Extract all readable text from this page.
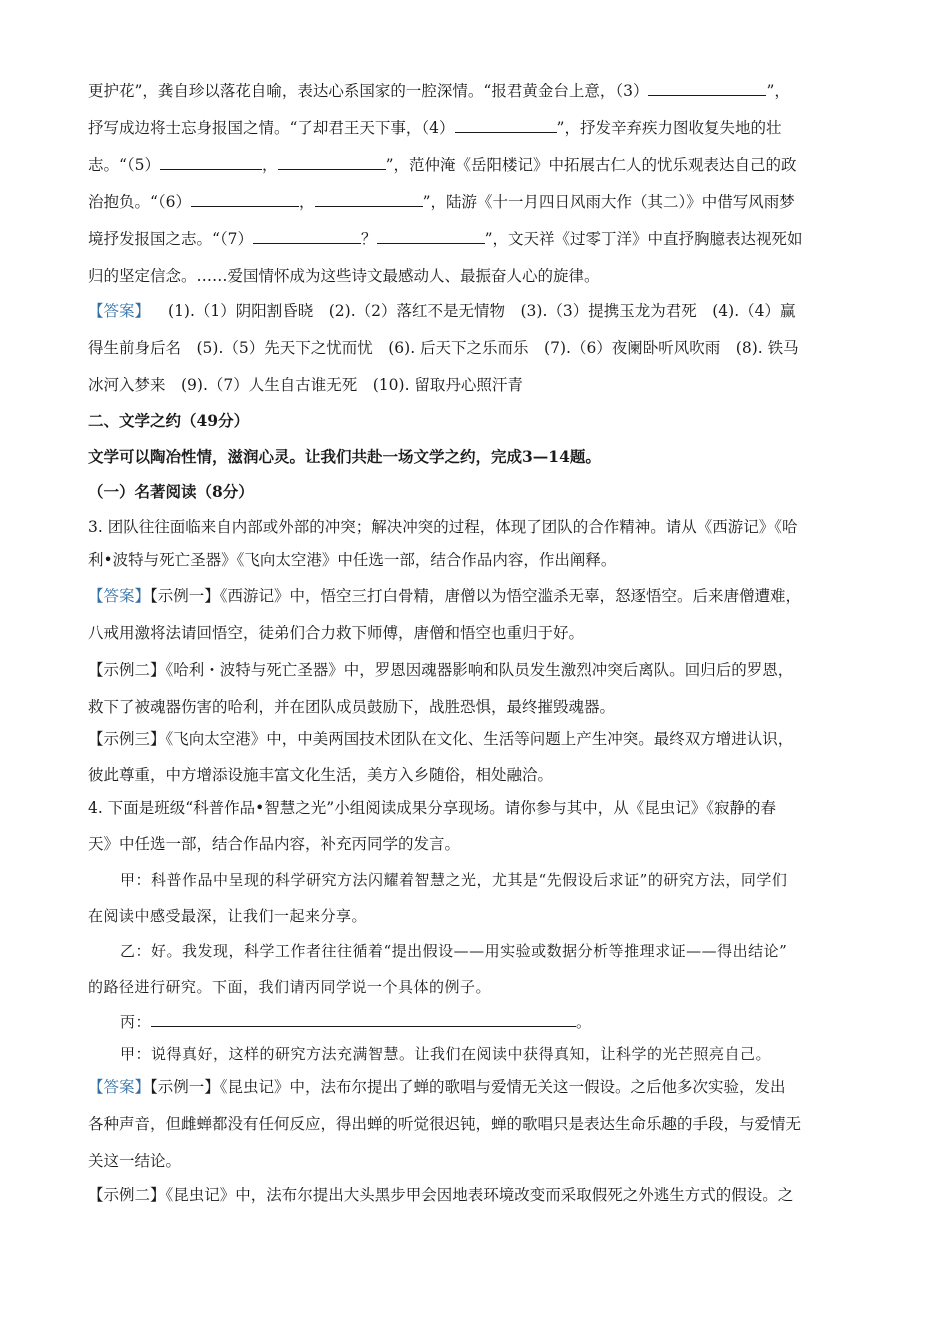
更护花”，龚自珍以落花自喻，表达心系国家的一腔深情。“报君黄金台上意，（3）	”，
抒写成边将士忘身报国之情。“了却君王天下事，（4）	”，抒发辛弃疾力图收复失地的壮
志。“（5）	，	”，范仲淹《岳阳楼记》中拓展古仁人的忧乐观表达自己的政
治抱负。“（6）	，	”，陆游《十一月四日风雨大作（其二）》中借写风雨梦
境抒发报国之志。“（7）	？	”，文天祥《过零丁洋》中直抒胸臆表达视死如
归的坚定信念。……爱国情怀成为这些诗文最感动人、最振奋人心的旋律。
【答案】 (1).（1）阴阳割昏晓　(2).（2）落红不是无情物　(3).（3）提携玉龙为君死　(4).（4）赢
得生前身后名　(5).（5）先天下之忧而忧　(6). 后天下之乐而乐　(7).（6）夜阑卧听风吹雨　(8). 铁马
冰河入梦来　(9).（7）人生自古谁无死　(10). 留取丹心照汗青
二、文学之约（49分）
文学可以陶冶性情，滋润心灵。让我们共赴一场文学之约，完成3—14题。
（一）名著阅读（8分）
3. 团队往往面临来自内部或外部的冲突；解决冲突的过程，体现了团队的合作精神。请从《西游记》《哈
利•波特与死亡圣器》《飞向太空港》中任选一部，结合作品内容，作出阐释。
【答案】【示例一】《西游记》中，悟空三打白骨精，唐僧以为悟空滥杀无辜，怒逐悟空。后来唐僧遭难，
八戒用激将法请回悟空，徒弟们合力救下师傅，唐僧和悟空也重归于好。
【示例二】《哈利・波特与死亡圣器》中，罗恩因魂器影响和队员发生激烈冲突后离队。回归后的罗恩，
救下了被魂器伤害的哈利，并在团队成员鼓励下，战胜恐惧，最终摧毁魂器。
【示例三】《飞向太空港》中，中美两国技术团队在文化、生活等问题上产生冲突。最终双方增进认识，
彼此尊重，中方增添设施丰富文化生活，美方入乡随俗，相处融洽。
4. 下面是班级“科普作品•智慧之光”小组阅读成果分享现场。请你参与其中，从《昆虫记》《寂静的春
天》中任选一部，结合作品内容，补充丙同学的发言。
甲：科普作品中呈现的科学研究方法闪耀着智慧之光，尤其是“先假设后求证”的研究方法，同学们
在阅读中感受最深，让我们一起来分享。
乙：好。我发现，科学工作者往往循着“提出假设——用实验或数据分析等推理求证——得出结论”
的路径进行研究。下面，我们请丙同学说一个具体的例子。
丙：	。
甲：说得真好，这样的研究方法充满智慧。让我们在阅读中获得真知，让科学的光芒照亮自己。
【答案】【示例一】《昆虫记》中，法布尔提出了蝉的歌唱与爱情无关这一假设。之后他多次实验，发出
各种声音，但雌蝉都没有任何反应，得出蝉的听觉很迟钝，蝉的歌唱只是表达生命乐趣的手段，与爱情无
关这一结论。
【示例二】《昆虫记》中，法布尔提出大头黑步甲会因地表环境改变而采取假死之外逃生方式的假设。之
